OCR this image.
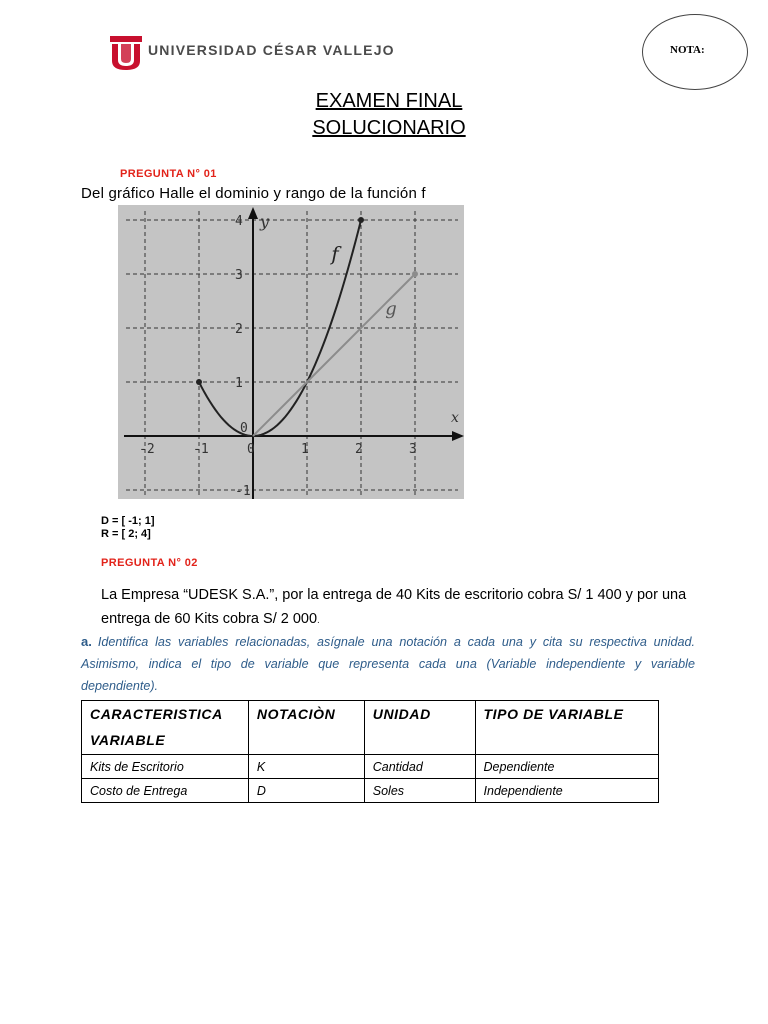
UNIVERSIDAD CÉSAR VALLEJO	NOTA:
EXAMEN FINAL
SOLUCIONARIO
PREGUNTA N° 01
Del gráfico Halle el dominio y rango de la función f
-2	-1	0	1	2	3
-1
1
2
3
4
0
x
y
f
g
D = [ -1; 1]
R = [ 2; 4]
PREGUNTA N° 02
La Empresa “UDESK S.A.”, por la entrega de 40 Kits de escritorio cobra S/ 1 400 y por una entrega de 60 Kits cobra S/ 2 000.
a. Identifica las variables relacionadas, asígnale una notación a cada una y cita su respectiva unidad. Asimismo, indica el tipo de variable que representa cada una (Variable independiente y variable dependiente).
CARACTERISTICA VARIABLE	NOTACIÒN	UNIDAD	TIPO DE VARIABLE
Kits de Escritorio	K	Cantidad	Dependiente
Costo de Entrega	D	Soles	Independiente
